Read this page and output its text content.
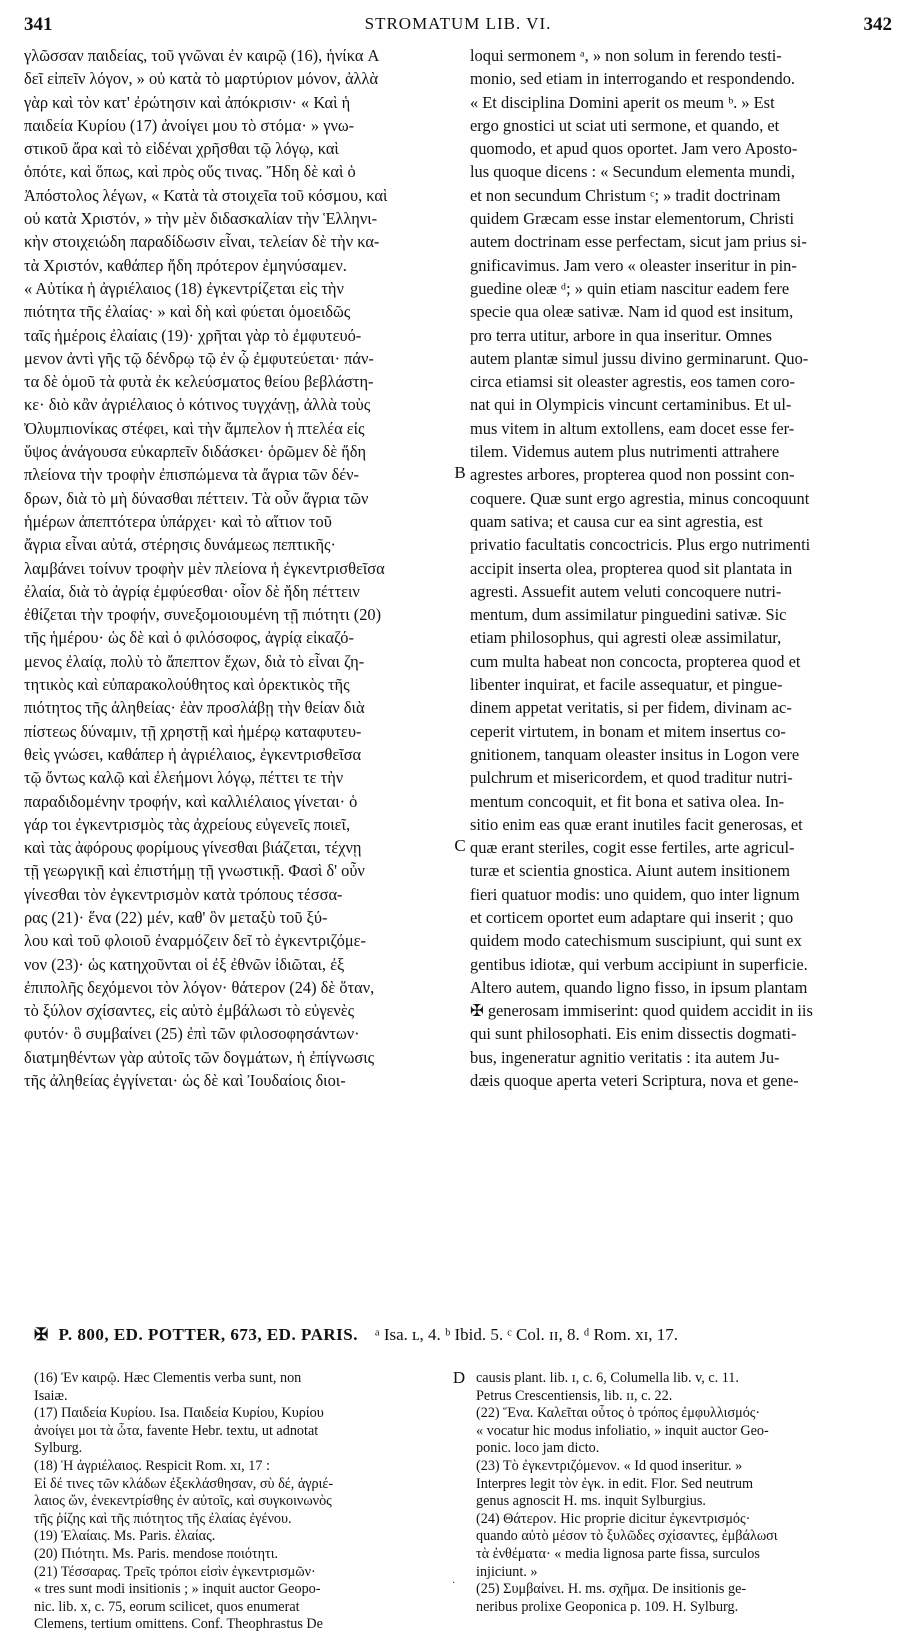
341	STROMATUM LIB. VI.	342
γλῶσσαν παιδείας, τοῦ γνῶναι ἐν καιρῷ (16), ἡνίκα A
δεῖ εἰπεῖν λόγον, » οὐ κατὰ τὸ μαρτύριον μόνον, ἀλλὰ
γὰρ καὶ τὸν κατ' ἐρώτησιν καὶ ἀπόκρισιν· « Καὶ ἡ
παιδεία Κυρίου (17) ἀνοίγει μου τὸ στόμα· » γνω-
στικοῦ ἄρα καὶ τὸ εἰδέναι χρῆσθαι τῷ λόγῳ, καὶ
ὁπότε, καὶ ὅπως, καὶ πρὸς οὕς τινας. Ἤδη δὲ καὶ ὁ
Ἀπόστολος λέγων, « Κατὰ τὰ στοιχεῖα τοῦ κόσμου, καὶ
οὐ κατὰ Χριστόν, » τὴν μὲν διδασκαλίαν τὴν Ἑλληνι-
κὴν στοιχειώδη παραδίδωσιν εἶναι, τελείαν δὲ τὴν κα-
τὰ Χριστόν, καθάπερ ἤδη πρότερον ἐμηνύσαμεν.
« Αὐτίκα ἡ ἀγριέλαιος (18) ἐγκεντρίζεται εἰς τὴν
πιότητα τῆς ἐλαίας· » καὶ δὴ καὶ φύεται ὁμοειδῶς
ταῖς ἡμέροις ἐλαίαις (19)· χρῆται γὰρ τὸ ἐμφυτευό-
μενον ἀντὶ γῆς τῷ δένδρῳ τῷ ἐν ᾧ ἐμφυτεύεται· πάν-
τα δὲ ὁμοῦ τὰ φυτὰ ἐκ κελεύσματος θείου βεβλάστη-
κε· διὸ κἂν ἀγριέλαιος ὁ κότινος τυγχάνῃ, ἀλλὰ τοὺς
Ὀλυμπιονίκας στέφει, καὶ τὴν ἄμπελον ἡ πτελέα εἰς
ὕψος ἀνάγουσα εὐκαρπεῖν διδάσκει· ὁρῶμεν δὲ ἤδη
πλείονα τὴν τροφὴν ἐπισπώμενα τὰ ἄγρια τῶν δέν-
δρων, διὰ τὸ μὴ δύνασθαι πέττειν. Τὰ οὖν ἄγρια τῶν
ἡμέρων ἀπεπτότερα ὑπάρχει· καὶ τὸ αἴτιον τοῦ
ἄγρια εἶναι αὐτά, στέρησις δυνάμεως πεπτικῆς·
λαμβάνει τοίνυν τροφὴν μὲν πλείονα ἡ ἐγκεντρισθεῖσα
ἐλαία, διὰ τὸ ἀγρίᾳ ἐμφύεσθαι· οἷον δὲ ἤδη πέττειν
ἐθίζεται τὴν τροφήν, συνεξομοιουμένη τῇ πιότητι (20)
τῆς ἡμέρου· ὡς δὲ καὶ ὁ φιλόσοφος, ἀγρίᾳ εἰκαζό-
μενος ἐλαίᾳ, πολὺ τὸ ἄπεπτον ἔχων, διὰ τὸ εἶναι ζη-
τητικὸς καὶ εὐπαρακολούθητος καὶ ὀρεκτικὸς τῆς
πιότητος τῆς ἀληθείας· ἐὰν προσλάβῃ τὴν θείαν διὰ
πίστεως δύναμιν, τῇ χρηστῇ καὶ ἡμέρῳ καταφυτευ-
θεὶς γνώσει, καθάπερ ἡ ἀγριέλαιος, ἐγκεντρισθεῖσα
τῷ ὄντως καλῷ καὶ ἐλεήμονι λόγῳ, πέττει τε τὴν
παραδιδομένην τροφήν, καὶ καλλιέλαιος γίνεται· ὁ
γάρ τοι ἐγκεντρισμὸς τὰς ἀχρείους εὐγενεῖς ποιεῖ,
καὶ τὰς ἀφόρους φορίμους γίνεσθαι βιάζεται, τέχνῃ
τῇ γεωργικῇ καὶ ἐπιστήμῃ τῇ γνωστικῇ. Φασὶ δ' οὖν
γίνεσθαι τὸν ἐγκεντρισμὸν κατὰ τρόπους τέσσα-
ρας (21)· ἕνα (22) μέν, καθ' ὃν μεταξὺ τοῦ ξύ-
λου καὶ τοῦ φλοιοῦ ἐναρμόζειν δεῖ τὸ ἐγκεντριζόμε-
νον (23)· ὡς κατηχοῦνται οἱ ἐξ ἐθνῶν ἰδιῶται, ἐξ
ἐπιπολῆς δεχόμενοι τὸν λόγον· θάτερον (24) δὲ ὅταν,
τὸ ξύλον σχίσαντες, εἰς αὐτὸ ἐμβάλωσι τὸ εὐγενὲς
φυτόν· ὃ συμβαίνει (25) ἐπὶ τῶν φιλοσοφησάντων·
διατμηθέντων γὰρ αὐτοῖς τῶν δογμάτων, ἡ ἐπίγνωσις
τῆς ἀληθείας ἐγγίνεται· ὡς δὲ καὶ Ἰουδαίοις διοι-
loqui sermonem ᵃ, » non solum in ferendo testi-
monio, sed etiam in interrogando et respondendo.
« Et disciplina Domini aperit os meum ᵇ. » Est
ergo gnostici ut sciat uti sermone, et quando, et
quomodo, et apud quos oportet. Jam vero Aposto-
lus quoque dicens : « Secundum elementa mundi,
et non secundum Christum ᶜ; » tradit doctrinam
quidem Græcam esse instar elementorum, Christi
autem doctrinam esse perfectam, sicut jam prius si-
gnificavimus. Jam vero « oleaster inseritur in pin-
guedine oleæ ᵈ; » quin etiam nascitur eadem fere
specie qua oleæ sativæ. Nam id quod est insitum,
pro terra utitur, arbore in qua inseritur. Omnes
autem plantæ simul jussu divino germinarunt. Quo-
circa etiamsi sit oleaster agrestis, eos tamen coro-
nat qui in Olympicis vincunt certaminibus. Et ul-
mus vitem in altum extollens, eam docet esse fer-
tilem. Videmus autem plus nutrimenti attrahere
agrestes arbores, propterea quod non possint con-
coquere. Quæ sunt ergo agrestia, minus concoquunt
quam sativa; et causa cur ea sint agrestia, est
privatio facultatis concoctricis. Plus ergo nutrimenti
accipit inserta olea, propterea quod sit plantata in
agresti. Assuefit autem veluti concoquere nutri-
mentum, dum assimilatur pinguedini sativæ. Sic
etiam philosophus, qui agresti oleæ assimilatur,
cum multa habeat non concocta, propterea quod et
libenter inquirat, et facile assequatur, et pingue-
dinem appetat veritatis, si per fidem, divinam ac-
ceperit virtutem, in bonam et mitem insertus co-
gnitionem, tanquam oleaster insitus in Logon vere
pulchrum et misericordem, et quod traditur nutri-
mentum concoquit, et fit bona et sativa olea. In-
sitio enim eas quæ erant inutiles facit generosas, et
quæ erant steriles, cogit esse fertiles, arte agricul-
turæ et scientia gnostica. Aiunt autem insitionem
fieri quatuor modis: uno quidem, quo inter lignum
et corticem oportet eum adaptare qui inserit ; quo
quidem modo catechismum suscipiunt, qui sunt ex
gentibus idiotæ, qui verbum accipiunt in superficie.
Altero autem, quando ligno fisso, in ipsum plantam
✠ generosam immiserint: quod quidem accidit in iis
qui sunt philosophati. Eis enim dissectis dogmati-
bus, ingeneratur agnitio veritatis : ita autem Ju-
dæis quoque aperta veteri Scriptura, nova et gene-
B
C
✠ P. 800, ED. POTTER, 673, ED. PARIS. ᵃ Isa. ʟ, 4. ᵇ Ibid. 5. ᶜ Col. ɪɪ, 8. ᵈ Rom. xɪ, 17.
D
(16) Ἐν καιρῷ. Hæc Clementis verba sunt, non
Isaiæ.
(17) Παιδεία Κυρίου. Isa. Παιδεία Κυρίου, Κυρίου
ἀνοίγει μοι τὰ ὦτα, favente Hebr. textu, ut adnotat
Sylburg.
(18) Ἡ ἀγριέλαιος. Respicit Rom. xɪ, 17 :
Εἰ δέ τινες τῶν κλάδων ἐξεκλάσθησαν, σὺ δέ, ἀγριέ-
λαιος ὤν, ἐνεκεντρίσθης ἐν αὐτοῖς, καὶ συγκοινωνὸς
τῆς ῥίζης καὶ τῆς πιότητος τῆς ἐλαίας ἐγένου.
(19) Ἐλαίαις. Ms. Paris. ἐλαίας.
(20) Πιότητι. Ms. Paris. mendose ποιότητι.
(21) Τέσσαρας. Τρεῖς τρόποι εἰσὶν ἐγκεντρισμῶν·
« tres sunt modi insitionis ; » inquit auctor Geopo-
nic. lib. x, c. 75, eorum scilicet, quos enumerat
Clemens, tertium omittens. Conf. Theophrastus De
causis plant. lib. ɪ, c. 6, Columella lib. v, c. 11.
Petrus Crescentiensis, lib. ɪɪ, c. 22.
(22) Ἕνα. Καλεῖται οὗτος ὁ τρόπος ἐμφυλλισμός·
« vocatur hic modus infoliatio, » inquit auctor Geo-
ponic. loco jam dicto.
(23) Τὸ ἐγκεντριζόμενον. « Id quod inseritur. »
Interpres legit τὸν ἐγκ. in edit. Flor. Sed neutrum
genus agnoscit H. ms. inquit Sylburgius.
(24) Θάτερον. Hic proprie dicitur ἐγκεντρισμός·
quando αὐτὸ μέσον τὸ ξυλῶδες σχίσαντες, ἐμβάλωσι
τὰ ἐνθέματα· « media lignosa parte fissa, surculos
injiciunt. »
(25) Συμβαίνει. H. ms. σχῆμα. De insitionis ge-
neribus prolixe Geoponica p. 109. H. Sylburg.
·
